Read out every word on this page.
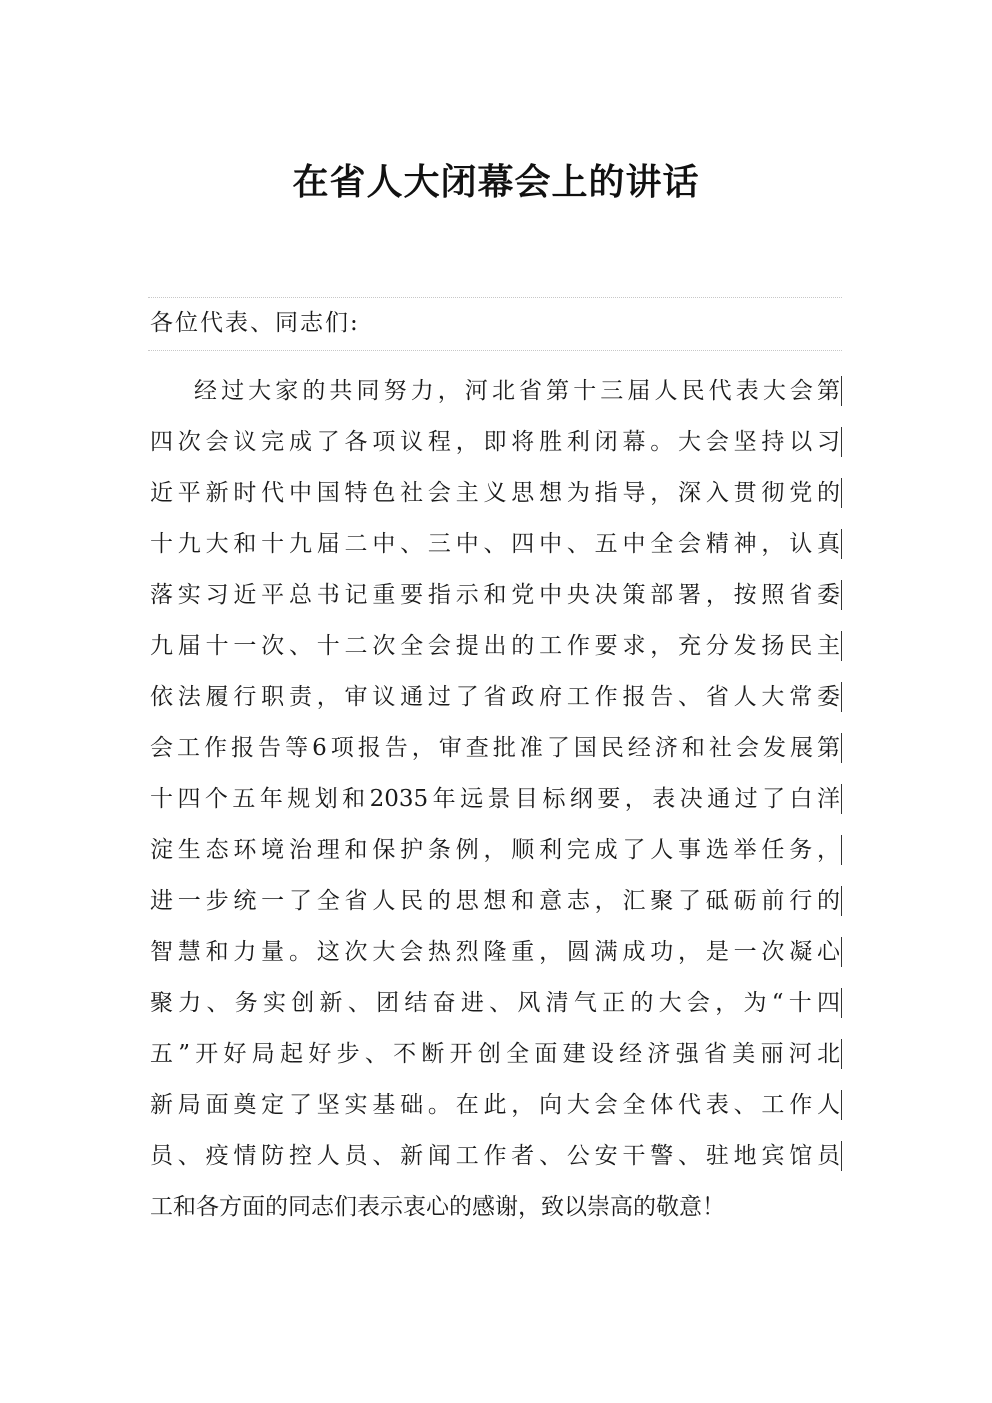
在省人大闭幕会上的讲话
各位代表、同志们:
经过大家的共同努力，河北省第十三届人民代表大会第
四次会议完成了各项议程，即将胜利闭幕。大会坚持以习
近平新时代中国特色社会主义思想为指导，深入贯彻党的
十九大和十九届二中、三中、四中、五中全会精神，认真
落实习近平总书记重要指示和党中央决策部署，按照省委
九届十一次、十二次全会提出的工作要求，充分发扬民主
依法履行职责，审议通过了省政府工作报告、省人大常委
会工作报告等6项报告，审查批准了国民经济和社会发展第
十四个五年规划和2035年远景目标纲要，表决通过了白洋
淀生态环境治理和保护条例，顺利完成了人事选举任务，
进一步统一了全省人民的思想和意志，汇聚了砥砺前行的
智慧和力量。这次大会热烈隆重，圆满成功，是一次凝心
聚力、务实创新、团结奋进、风清气正的大会，为“十四
五”开好局起好步、不断开创全面建设经济强省美丽河北
新局面奠定了坚实基础。在此，向大会全体代表、工作人
员、疫情防控人员、新闻工作者、公安干警、驻地宾馆员
工和各方面的同志们表示衷心的感谢，致以崇高的敬意！
